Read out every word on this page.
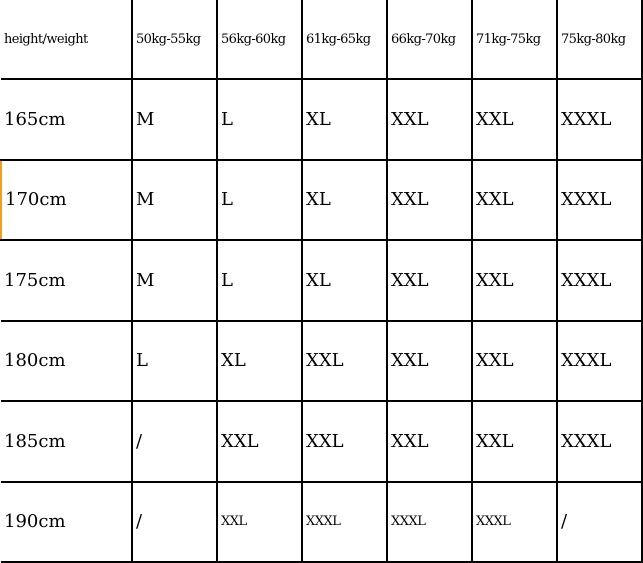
height/weight	50kg-55kg	56kg-60kg	61kg-65kg	66kg-70kg	71kg-75kg	75kg-80kg
165cm	M	L	XL	XXL	XXL	XXXL
170cm	M	L	XL	XXL	XXL	XXXL
175cm	M	L	XL	XXL	XXL	XXXL
180cm	L	XL	XXL	XXL	XXL	XXXL
185cm	/	XXL	XXL	XXL	XXL	XXXL
190cm	/	XXL	XXXL	XXXL	XXXL	/
